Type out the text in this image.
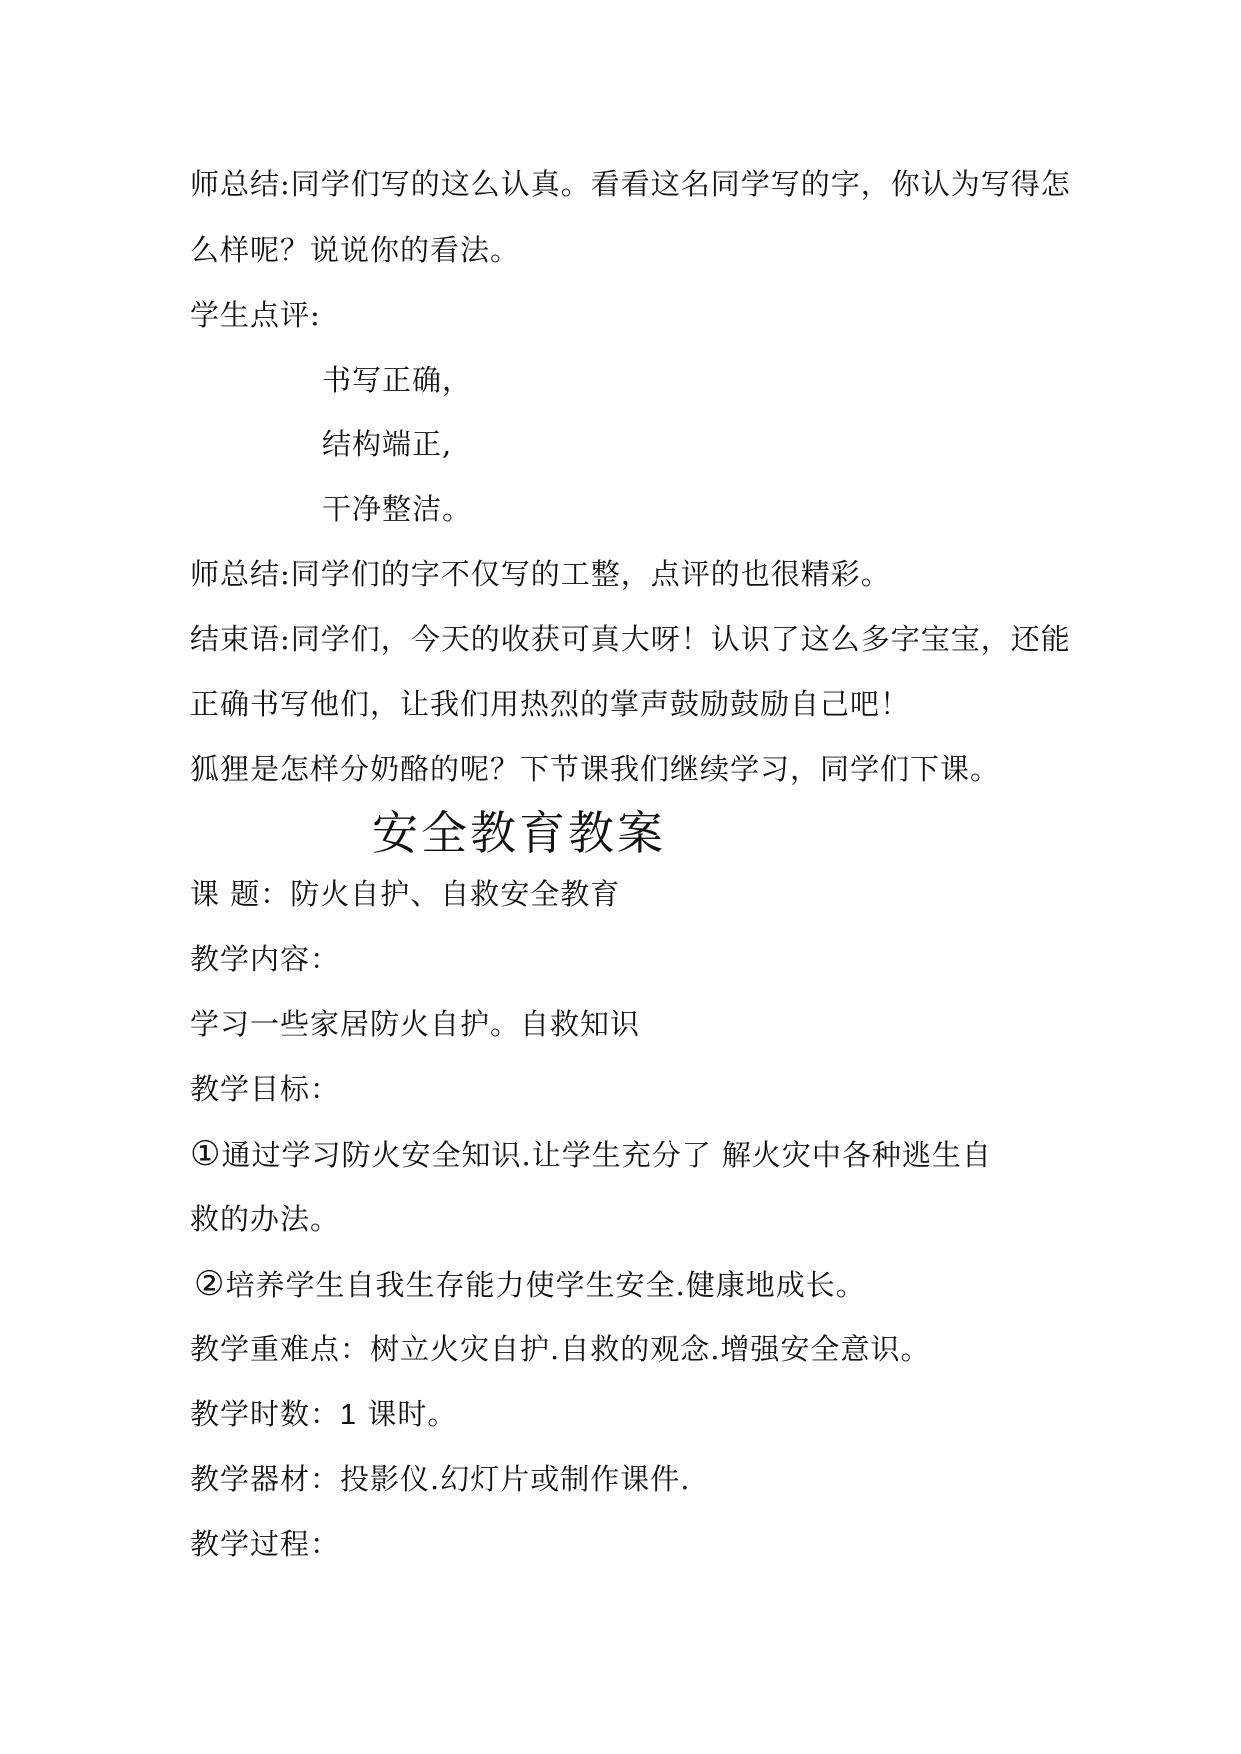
师总结:同学们写的这么认真。看看这名同学写的字，你认为写得怎
么样呢？说说你的看法。
学生点评:
书写正确，
结构端正,
干净整洁。
师总结:同学们的字不仅写的工整，点评的也很精彩。
结束语:同学们，今天的收获可真大呀！认识了这么多字宝宝，还能
正确书写他们，让我们用热烈的掌声鼓励鼓励自己吧！
狐狸是怎样分奶酪的呢？下节课我们继续学习，同学们下课。
安全教育教案
课 题：防火自护、自救安全教育
教学内容：
学习一些家居防火自护。自救知识
教学目标：
①通过学习防火安全知识.让学生充分了 解火灾中各种逃生自
救的办法。
②培养学生自我生存能力使学生安全.健康地成长。
教学重难点：树立火灾自护.自救的观念.增强安全意识。
教学时数：1 课时。
教学器材：投影仪.幻灯片或制作课件.
教学过程：
